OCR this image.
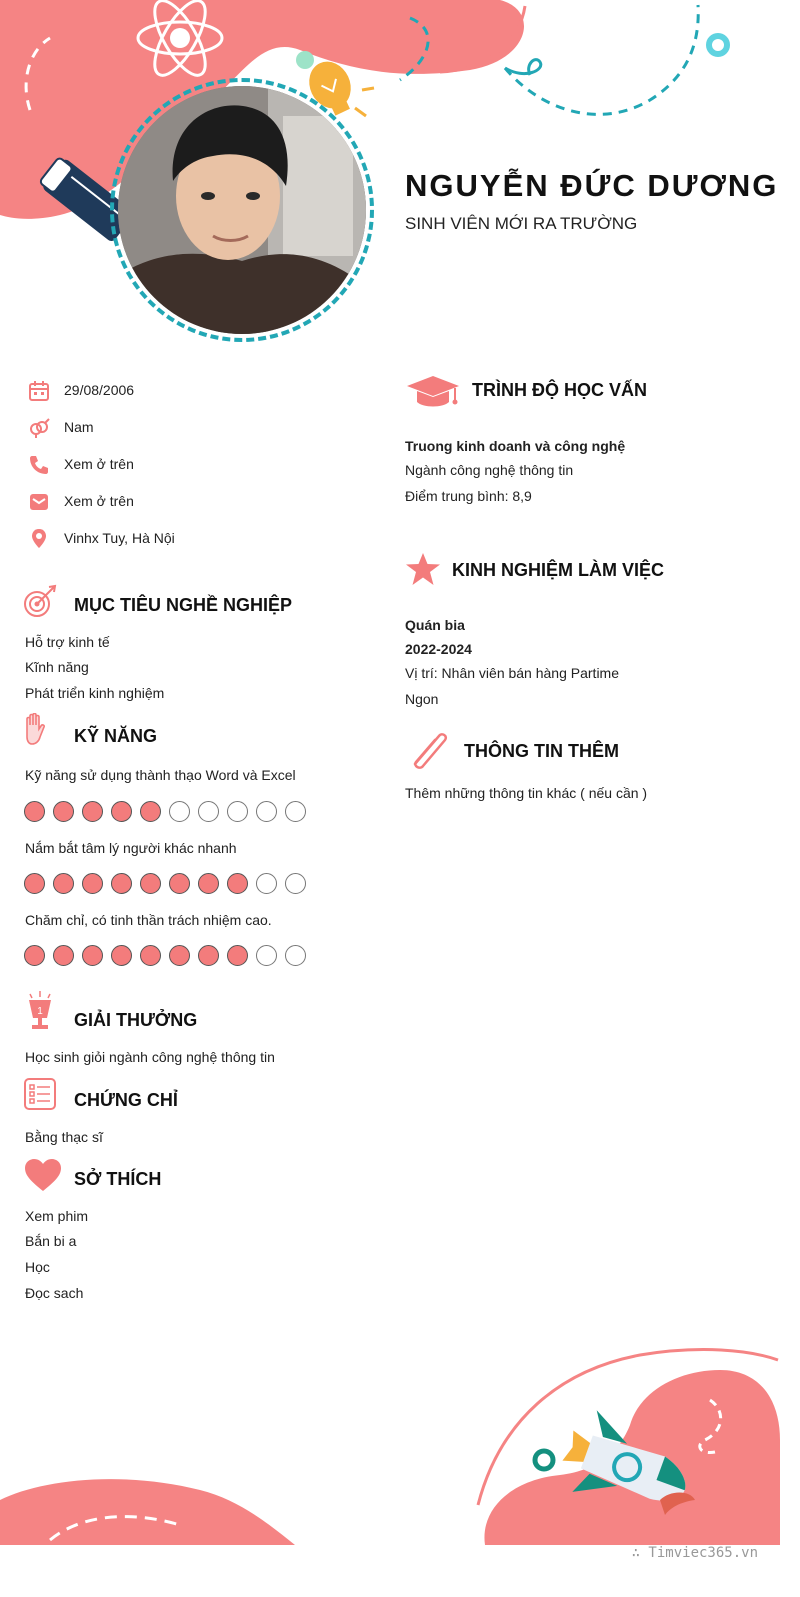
NGUYỄN ĐỨC DƯƠNG
SINH VIÊN MỚI RA TRƯỜNG
29/08/2006
Nam
Xem ở trên
Xem ở trên
Vinhx Tuy, Hà Nội
MỤC TIÊU NGHỀ NGHIỆP
Hỗ trợ kinh tế
Kĩnh năng
Phát triển kinh nghiệm
KỸ NĂNG
Kỹ năng sử dụng thành thạo Word và Excel
Nắm bắt tâm lý người khác nhanh
Chăm chỉ, có tinh thần trách nhiệm cao.
1 GIẢI THƯỞNG
Học sinh giỏi ngành công nghệ thông tin
CHỨNG CHỈ
Bằng thạc sĩ
SỞ THÍCH
Xem phim
Bắn bi a
Học
Đọc sach
TRÌNH ĐỘ HỌC VẤN
Truong kinh doanh và công nghệ
Ngành công nghệ thông tin
Điểm trung bình: 8,9
KINH NGHIỆM LÀM VIỆC
Quán bia
2022-2024
Vị trí: Nhân viên bán hàng Partime
Ngon
THÔNG TIN THÊM
Thêm những thông tin khác ( nếu cần )
∴ Timviec365.vn
